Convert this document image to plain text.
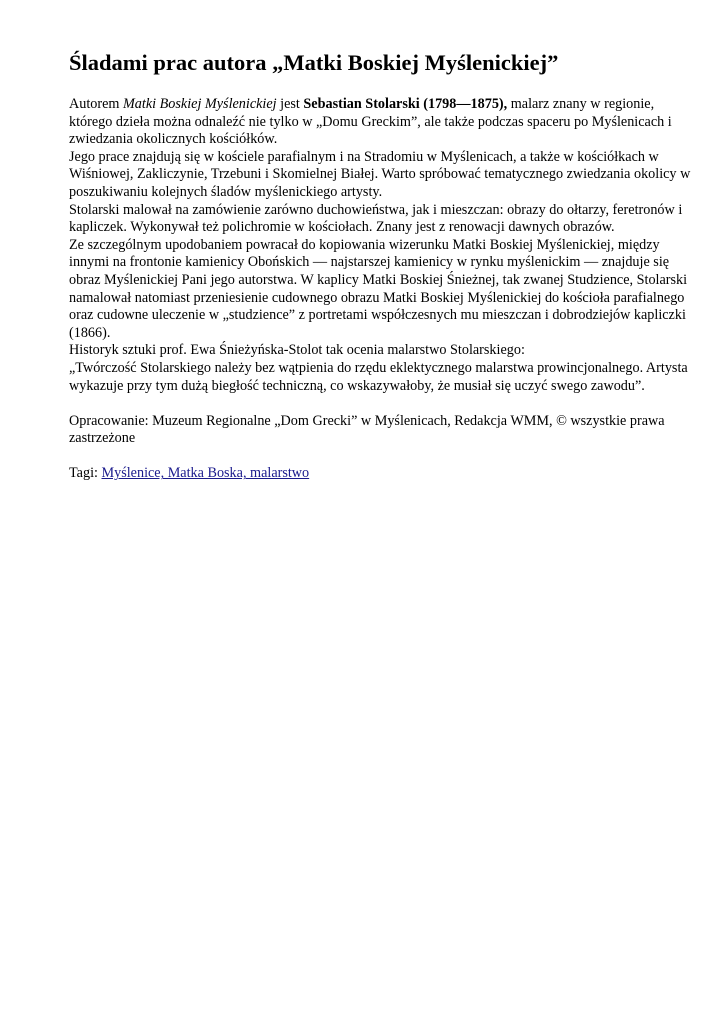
Śladami prac autora „Matki Boskiej Myślenickiej”

Autorem Matki Boskiej Myślenickiej jest Sebastian Stolarski (1798—1875), malarz znany w regionie, którego dzieła można odnaleźć nie tylko w „Domu Greckim”, ale także podczas spaceru po Myślenicach i zwiedzania okolicznych kościółków.

Jego prace znajdują się w kościele parafialnym i na Stradomiu w Myślenicach, a także w kościółkach w Wiśniowej, Zakliczynie, Trzebuni i Skomielnej Białej. Warto spróbować tematycznego zwiedzania okolicy w poszukiwaniu kolejnych śladów myślenickiego artysty.

Stolarski malował na zamówienie zarówno duchowieństwa, jak i mieszczan: obrazy do ołtarzy, feretronów i kapliczek. Wykonywał też polichromie w kościołach. Znany jest z renowacji dawnych obrazów.

Ze szczególnym upodobaniem powracał do kopiowania wizerunku Matki Boskiej Myślenickiej, między innymi na frontonie kamienicy Obońskich — najstarszej kamienicy w rynku myślenickim — znajduje się obraz Myślenickiej Pani jego autorstwa. W kaplicy Matki Boskiej Śnieżnej, tak zwanej Studzience, Stolarski namalował natomiast przeniesienie cudownego obrazu Matki Boskiej Myślenickiej do kościoła parafialnego oraz cudowne uleczenie w „studzience” z portretami współczesnych mu mieszczan i dobrodziejów kapliczki (1866).

Historyk sztuki prof. Ewa Śnieżyńska-Stolot tak ocenia malarstwo Stolarskiego:

„Twórczość Stolarskiego należy bez wątpienia do rzędu eklektycznego malarstwa prowincjonalnego. Artysta wykazuje przy tym dużą biegłość techniczną, co wskazywałoby, że musiał się uczyć swego zawodu”.

Opracowanie: Muzeum Regionalne „Dom Grecki” w Myślenicach, Redakcja WMM, © wszystkie prawa zastrzeżone

Tagi: Myślenice, Matka Boska, malarstwo
